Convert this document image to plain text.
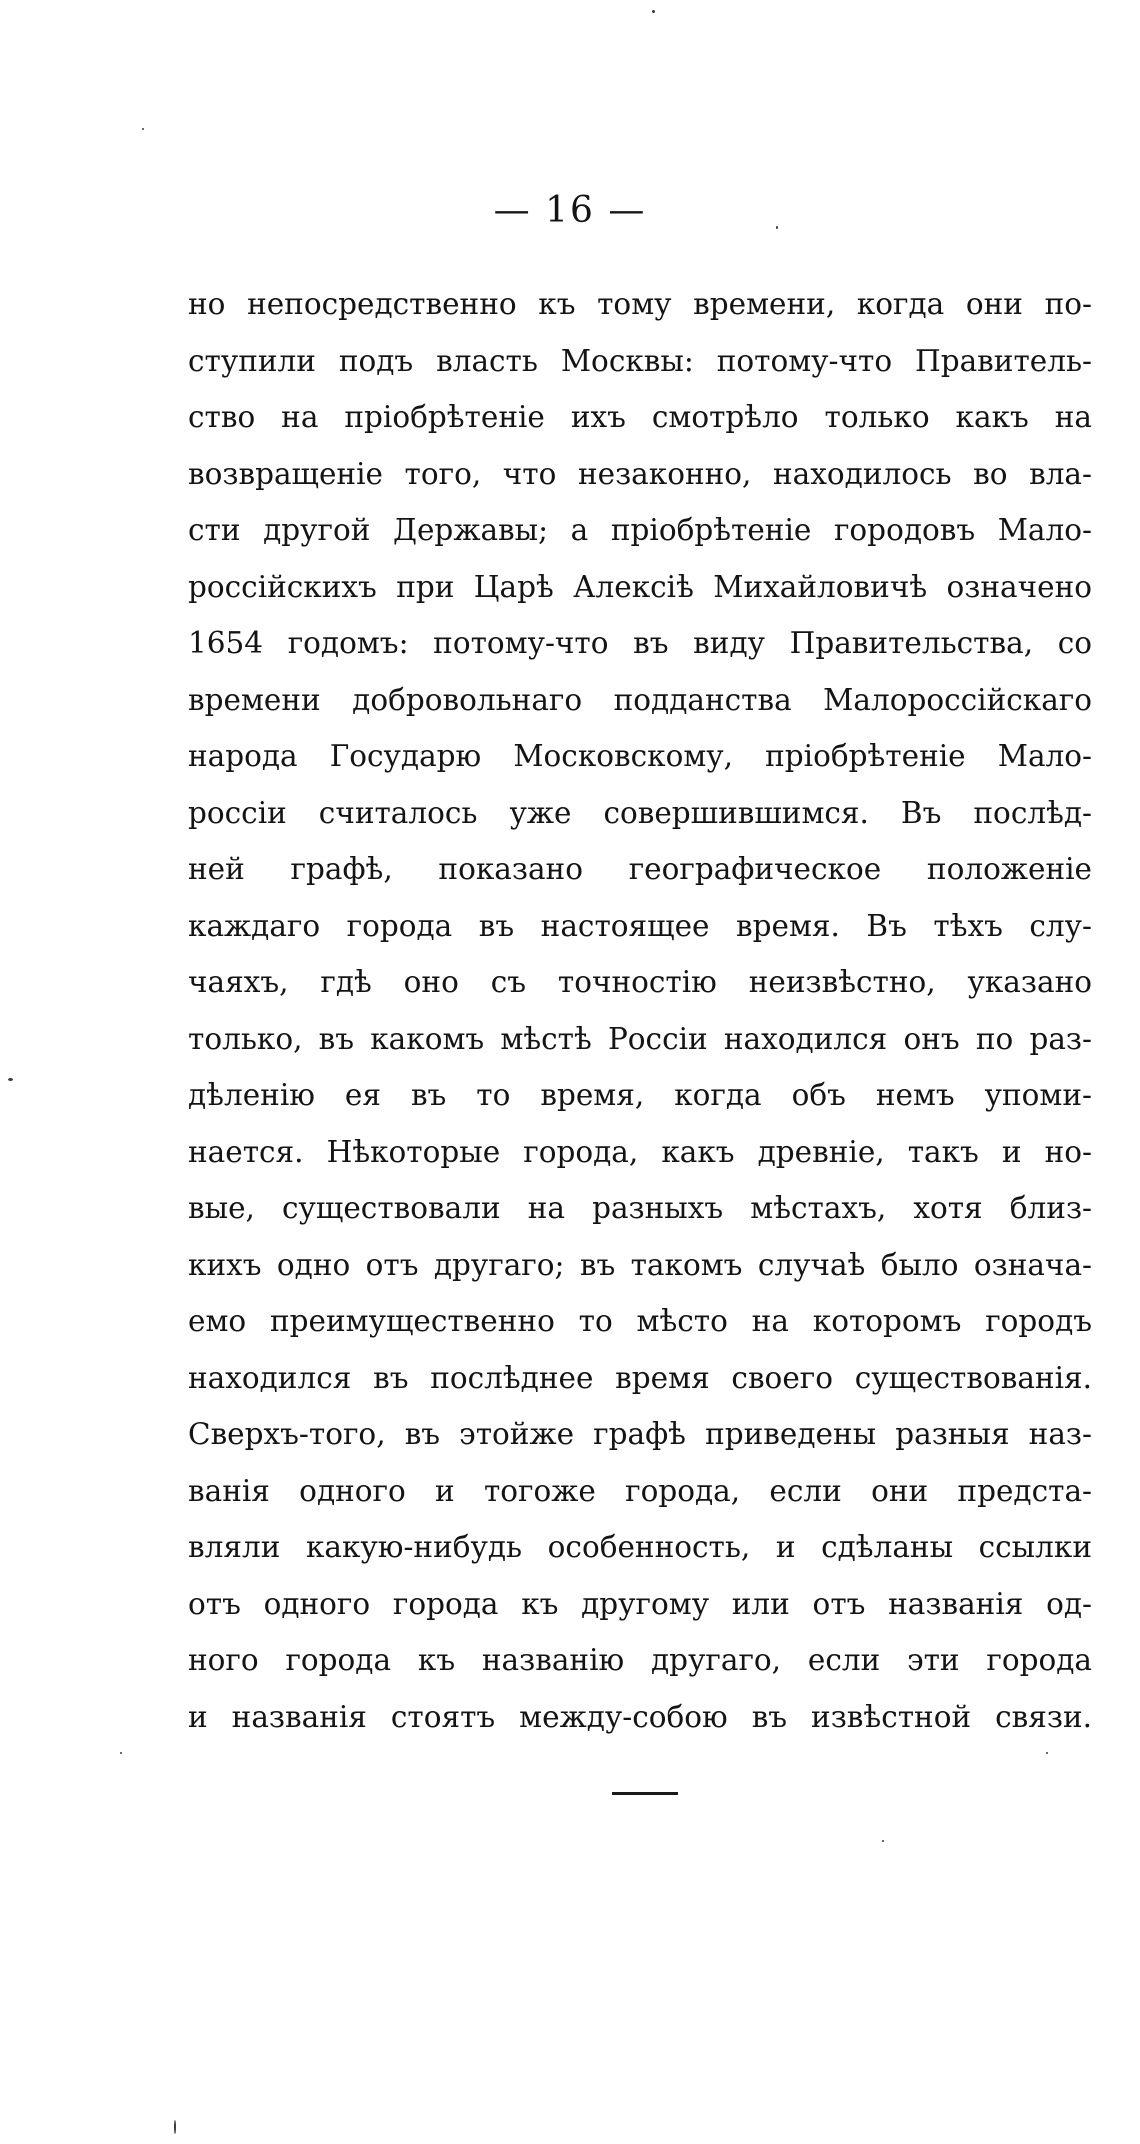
— 16 —
но непосредственно къ тому времени, когда они по-
ступили подъ власть Москвы: потому-что Правитель-
ство на пріобрѣтеніе ихъ смотрѣло только какъ на
возвращеніе того, что незаконно, находилось во вла-
сти другой Державы; а пріобрѣтеніе городовъ Мало-
россійскихъ при Царѣ Алексіѣ Михайловичѣ означено
1654 годомъ: потому-что въ виду Правительства, со
времени добровольнаго подданства Малороссійскаго
народа Государю Московскому, пріобрѣтеніе Мало-
россіи считалось уже совершившимся. Въ послѣд-
ней графѣ, показано географическое положеніе
каждаго города въ настоящее время. Въ тѣхъ слу-
чаяхъ, гдѣ оно съ точностію неизвѣстно, указано
только, въ какомъ мѣстѣ Россіи находился онъ по раз-
дѣленію ея въ то время, когда объ немъ упоми-
нается. Нѣкоторые города, какъ древніе, такъ и но-
вые, существовали на разныхъ мѣстахъ, хотя близ-
кихъ одно отъ другаго; въ такомъ случаѣ было означа-
емо преимущественно то мѣсто на которомъ городъ
находился въ послѣднее время своего существованія.
Сверхъ-того, въ этойже графѣ приведены разныя наз-
ванія одного и тогоже города, если они предста-
вляли какую-нибудь особенность, и сдѣланы ссылки
отъ одного города къ другому или отъ названія од-
ного города къ названію другаго, если эти города
и названія стоятъ между-собою въ извѣстной связи.
